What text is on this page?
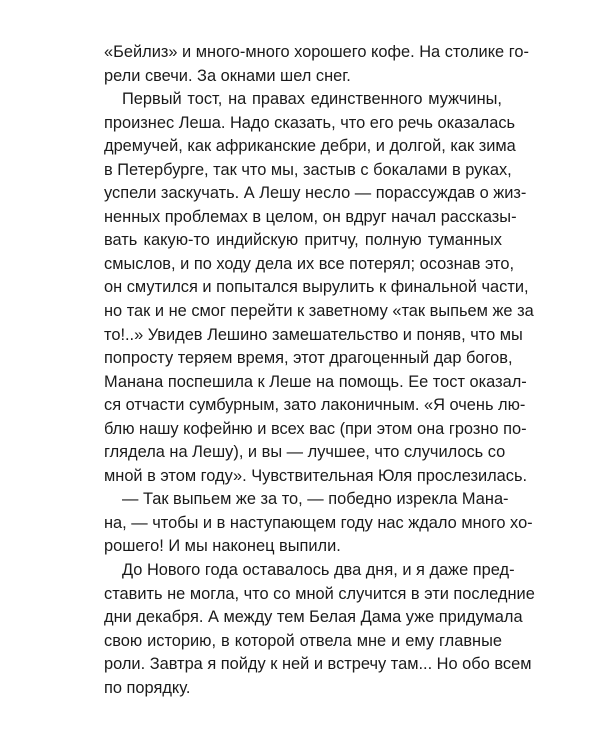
«Бейлиз» и много-много хорошего кофе. На столике го-
рели свечи. За окнами шел снег.
Первый тост, на правах единственного мужчины,
произнес Леша. Надо сказать, что его речь оказалась
дремучей, как африканские дебри, и долгой, как зима
в Петербурге, так что мы, застыв с бокалами в руках,
успели заскучать. А Лешу несло — порассуждав о жиз-
ненных проблемах в целом, он вдруг начал рассказы-
вать какую-то индийскую притчу, полную туманных
смыслов, и по ходу дела их все потерял; осознав это,
он смутился и попытался вырулить к финальной части,
но так и не смог перейти к заветному «так выпьем же за
то!..» Увидев Лешино замешательство и поняв, что мы
попросту теряем время, этот драгоценный дар богов,
Манана поспешила к Леше на помощь. Ее тост оказал-
ся отчасти сумбурным, зато лаконичным. «Я очень лю-
блю нашу кофейню и всех вас (при этом она грозно по-
глядела на Лешу), и вы — лучшее, что случилось со
мной в этом году». Чувствительная Юля прослезилась.
— Так выпьем же за то, — победно изрекла Мана-
на, — чтобы и в наступающем году нас ждало много хо-
рошего! И мы наконец выпили.
До Нового года оставалось два дня, и я даже пред-
ставить не могла, что со мной случится в эти последние
дни декабря. А между тем Белая Дама уже придумала
свою историю, в которой отвела мне и ему главные
роли. Завтра я пойду к ней и встречу там... Но обо всем
по порядку.
